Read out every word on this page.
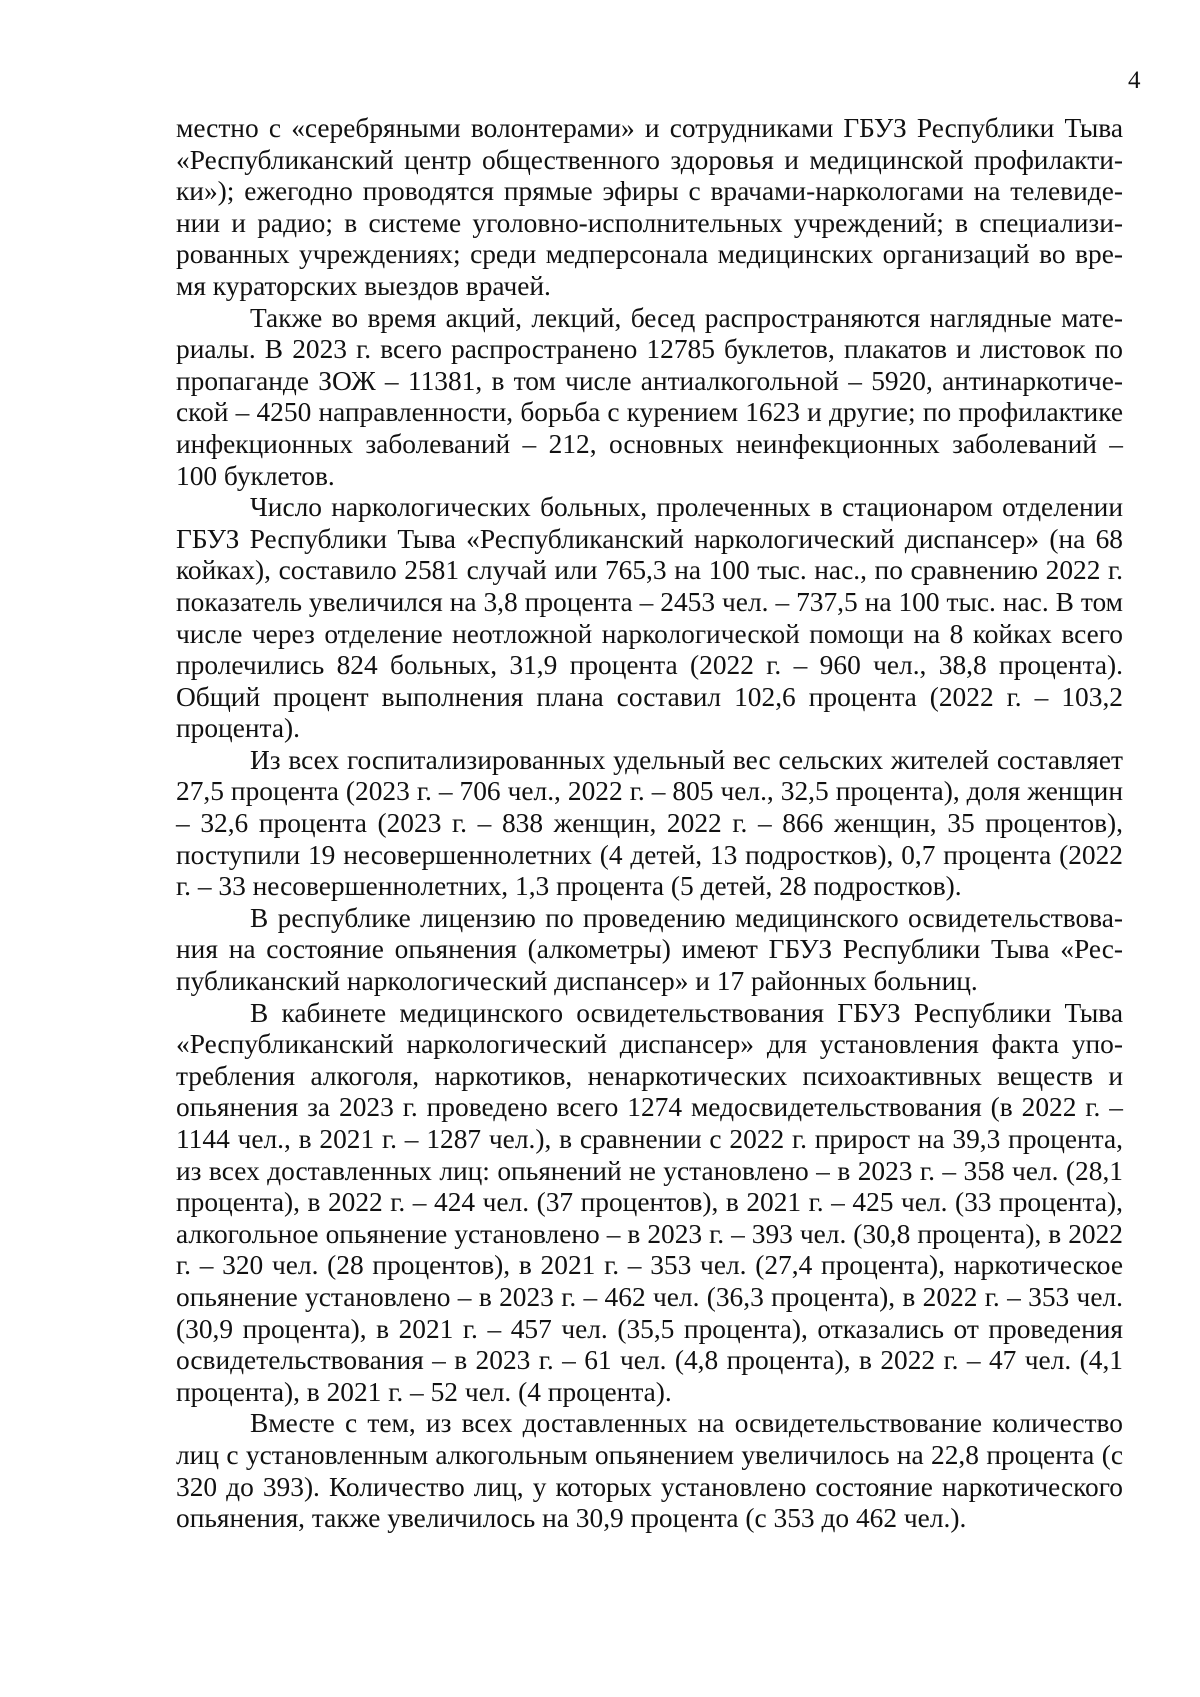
4

местно с «серебряными волонтерами» и сотрудниками ГБУЗ Республики Тыва «Республиканский центр общественного здоровья и медицинской профилактики»); ежегодно проводятся прямые эфиры с врачами-наркологами на телевидении и радио; в системе уголовно-исполнительных учреждений; в специализированных учреждениях; среди медперсонала медицинских организаций во время кураторских выездов врачей.

Также во время акций, лекций, бесед распространяются наглядные материалы. В 2023 г. всего распространено 12785 буклетов, плакатов и листовок по пропаганде ЗОЖ – 11381, в том числе антиалкогольной – 5920, антинаркотической – 4250 направленности, борьба с курением 1623 и другие; по профилактике инфекционных заболеваний – 212, основных неинфекционных заболеваний – 100 буклетов.

Число наркологических больных, пролеченных в стационаром отделении ГБУЗ Республики Тыва «Республиканский наркологический диспансер» (на 68 койках), составило 2581 случай или 765,3 на 100 тыс. нас., по сравнению 2022 г. показатель увеличился на 3,8 процента – 2453 чел. – 737,5 на 100 тыс. нас. В том числе через отделение неотложной наркологической помощи на 8 койках всего пролечились 824 больных, 31,9 процента (2022 г. – 960 чел., 38,8 процента). Общий процент выполнения плана составил 102,6 процента (2022 г. – 103,2 процента).

Из всех госпитализированных удельный вес сельских жителей составляет 27,5 процента (2023 г. – 706 чел., 2022 г. – 805 чел., 32,5 процента), доля женщин – 32,6 процента (2023 г. – 838 женщин, 2022 г. – 866 женщин, 35 процентов), поступили 19 несовершеннолетних (4 детей, 13 подростков), 0,7 процента (2022 г. – 33 несовершеннолетних, 1,3 процента (5 детей, 28 подростков).

В республике лицензию по проведению медицинского освидетельствования на состояние опьянения (алкометры) имеют ГБУЗ Республики Тыва «Республиканский наркологический диспансер» и 17 районных больниц.

В кабинете медицинского освидетельствования ГБУЗ Республики Тыва «Республиканский наркологический диспансер» для установления факта употребления алкоголя, наркотиков, ненаркотических психоактивных веществ и опьянения за 2023 г. проведено всего 1274 медосвидетельствования (в 2022 г. – 1144 чел., в 2021 г. – 1287 чел.), в сравнении с 2022 г. прирост на 39,3 процента, из всех доставленных лиц: опьянений не установлено – в 2023 г. – 358 чел. (28,1 процента), в 2022 г. – 424 чел. (37 процентов), в 2021 г. – 425 чел. (33 процента), алкогольное опьянение установлено – в 2023 г. – 393 чел. (30,8 процента), в 2022 г. – 320 чел. (28 процентов), в 2021 г. – 353 чел. (27,4 процента), наркотическое опьянение установлено – в 2023 г. – 462 чел. (36,3 процента), в 2022 г. – 353 чел. (30,9 процента), в 2021 г. – 457 чел. (35,5 процента), отказались от проведения освидетельствования – в 2023 г. – 61 чел. (4,8 процента), в 2022 г. – 47 чел. (4,1 процента), в 2021 г. – 52 чел. (4 процента).

Вместе с тем, из всех доставленных на освидетельствование количество лиц с установленным алкогольным опьянением увеличилось на 22,8 процента (с 320 до 393). Количество лиц, у которых установлено состояние наркотического опьянения, также увеличилось на 30,9 процента (с 353 до 462 чел.).
